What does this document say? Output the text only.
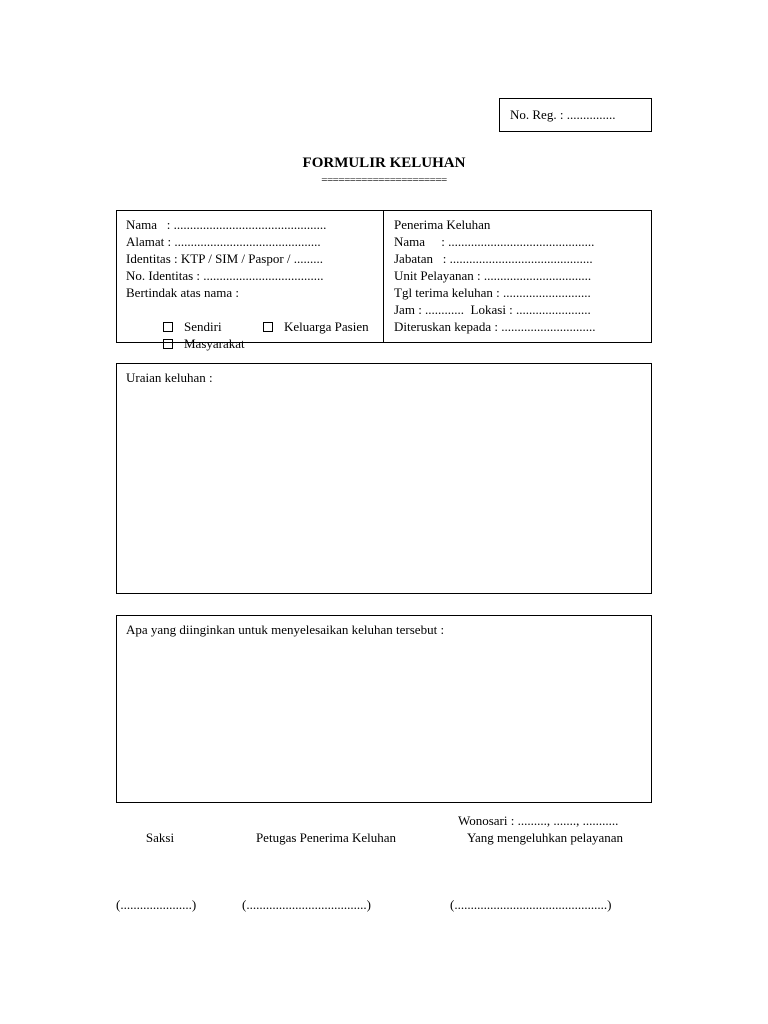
No. Reg. : ...............
FORMULIR KELUHAN
======================
Nama   : ...............................................
Alamat : .............................................
Identitas : KTP / SIM / Paspor / .........
No. Identitas : .....................................
Bertindak atas nama :

Sendiri
	Keluarga Pasien

Masyarakat

Penerima Keluhan
Nama     : .............................................
Jabatan   : ............................................
Unit Pelayanan : .................................
Tgl terima keluhan : ...........................
Jam : ............  Lokasi : .......................
Diteruskan kepada : .............................
Uraian keluhan :
Apa yang diinginkan untuk menyelesaikan keluhan tersebut :
Wonosari : ........., ......., ...........
Saksi	Petugas Penerima Keluhan	Yang mengeluhkan pelayanan
(......................)	(.....................................)	(...............................................)
